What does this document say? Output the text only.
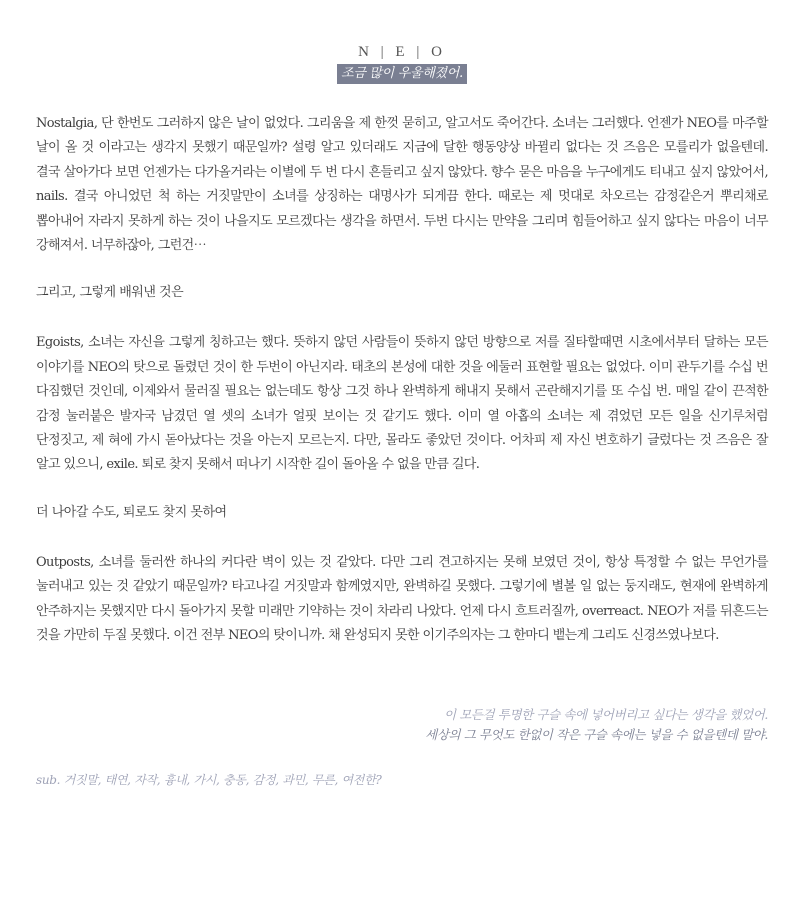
N | E | O
조금 많이 우울해졌어.

Nostalgia, 단 한번도 그러하지 않은 날이 없었다. 그리움을 제 한껏 묻히고, 알고서도 죽어간다. 소녀는 그러했다. 언젠가 NEO를 마주할 날이 올 것 이라고는 생각지 못했기 때문일까? 설령 알고 있더래도 지금에 달한 행동양상 바뀔리 없다는 것 즈음은 모를리가 없을텐데. 결국 살아가다 보면 언젠가는 다가올거라는 이별에 두 번 다시 흔들리고 싶지 않았다. 향수 묻은 마음을 누구에게도 티내고 싶지 않았어서, nails. 결국 아니었던 척 하는 거짓말만이 소녀를 상징하는 대명사가 되게끔 한다. 때로는 제 멋대로 차오르는 감정같은거 뿌리채로 뽑아내어 자라지 못하게 하는 것이 나을지도 모르겠다는 생각을 하면서. 두번 다시는 만약을 그리며 힘들어하고 싶지 않다는 마음이 너무 강해져서. 너무하잖아, 그런건⋯

그리고, 그렇게 배워낸 것은

Egoists, 소녀는 자신을 그렇게 칭하고는 했다. 뜻하지 않던 사람들이 뜻하지 않던 방향으로 저를 질타할때면 시초에서부터 달하는 모든 이야기를 NEO의 탓으로 돌렸던 것이 한 두번이 아닌지라. 태초의 본성에 대한 것을 에둘러 표현할 필요는 없었다. 이미 관두기를 수십 번 다짐했던 것인데, 이제와서 물러질 필요는 없는데도 항상 그것 하나 완벽하게 해내지 못해서 곤란해지기를 또 수십 번. 매일 같이 끈적한 감정 눌러붙은 발자국 남겼던 열 셋의 소녀가 얼핏 보이는 것 같기도 했다. 이미 열 아홉의 소녀는 제 겪었던 모든 일을 신기루처럼 단정짓고, 제 혀에 가시 돋아났다는 것을 아는지 모르는지. 다만, 몰라도 좋았던 것이다. 어차피 제 자신 변호하기 글렀다는 것 즈음은 잘 알고 있으니, exile. 퇴로 찾지 못해서 떠나기 시작한 길이 돌아올 수 없을 만큼 길다.

더 나아갈 수도, 퇴로도 찾지 못하여

Outposts, 소녀를 둘러싼 하나의 커다란 벽이 있는 것 같았다. 다만 그리 견고하지는 못해 보였던 것이, 항상 특정할 수 없는 무언가를 눌러내고 있는 것 같았기 때문일까? 타고나길 거짓말과 함께였지만, 완벽하길 못했다. 그렇기에 별볼 일 없는 둥지래도, 현재에 완벽하게 안주하지는 못했지만 다시 돌아가지 못할 미래만 기약하는 것이 차라리 나았다. 언제 다시 흐트러질까, overreact. NEO가 저를 뒤흔드는 것을 가만히 두질 못했다. 이건 전부 NEO의 탓이니까. 채 완성되지 못한 이기주의자는 그 한마디 뱉는게 그리도 신경쓰였나보다.

이 모든걸 투명한 구슬 속에 넣어버리고 싶다는 생각을 했었어.
세상의 그 무엇도 한없이 작은 구슬 속에는 넣을 수 없을텐데 말야.
sub. 거짓말, 태연, 자작, 흉내, 가시, 충동, 감정, 과민, 무른, 여전한?
